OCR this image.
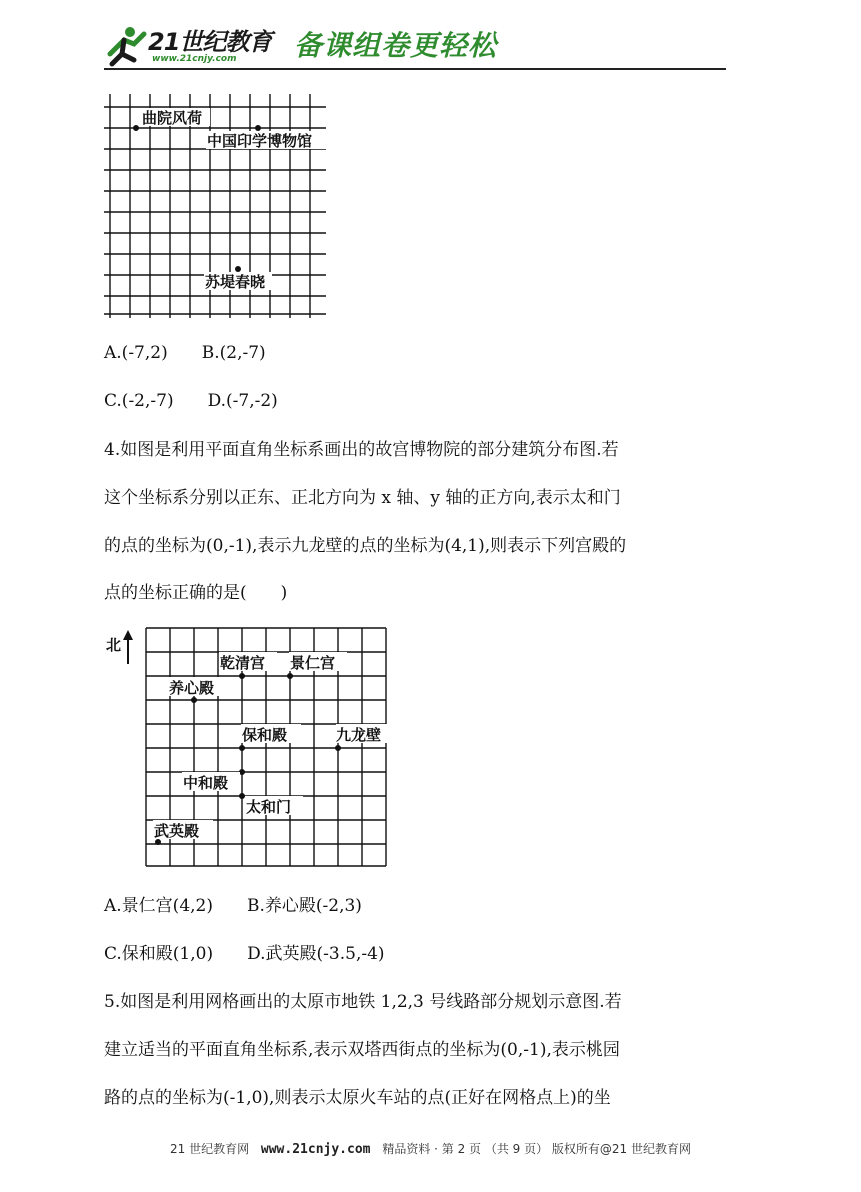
21世纪教育
www.21cnjy.com 备课组卷更轻松
曲院风荷
中国印学博物馆
苏堤春晓
A.(-7,2)　　B.(2,-7)
C.(-2,-7)　　D.(-7,-2)
4.如图是利用平面直角坐标系画出的故宫博物院的部分建筑分布图.若
这个坐标系分别以正东、正北方向为 x 轴、y 轴的正方向,表示太和门
的点的坐标为(0,-1),表示九龙壁的点的坐标为(4,1),则表示下列宫殿的
点的坐标正确的是(　　)
北
乾清宫 景仁宫
养心殿
保和殿	九龙壁
中和殿
太和门
武英殿
A.景仁宫(4,2)　　B.养心殿(-2,3)
C.保和殿(1,0)　　D.武英殿(-3.5,-4)
5.如图是利用网格画出的太原市地铁 1,2,3 号线路部分规划示意图.若
建立适当的平面直角坐标系,表示双塔西街点的坐标为(0,-1),表示桃园
路的点的坐标为(-1,0),则表示太原火车站的点(正好在网格点上)的坐
21 世纪教育网 www.21cnjy.com 精品资料 · 第 2 页 （共 9 页） 版权所有@21 世纪教育网
